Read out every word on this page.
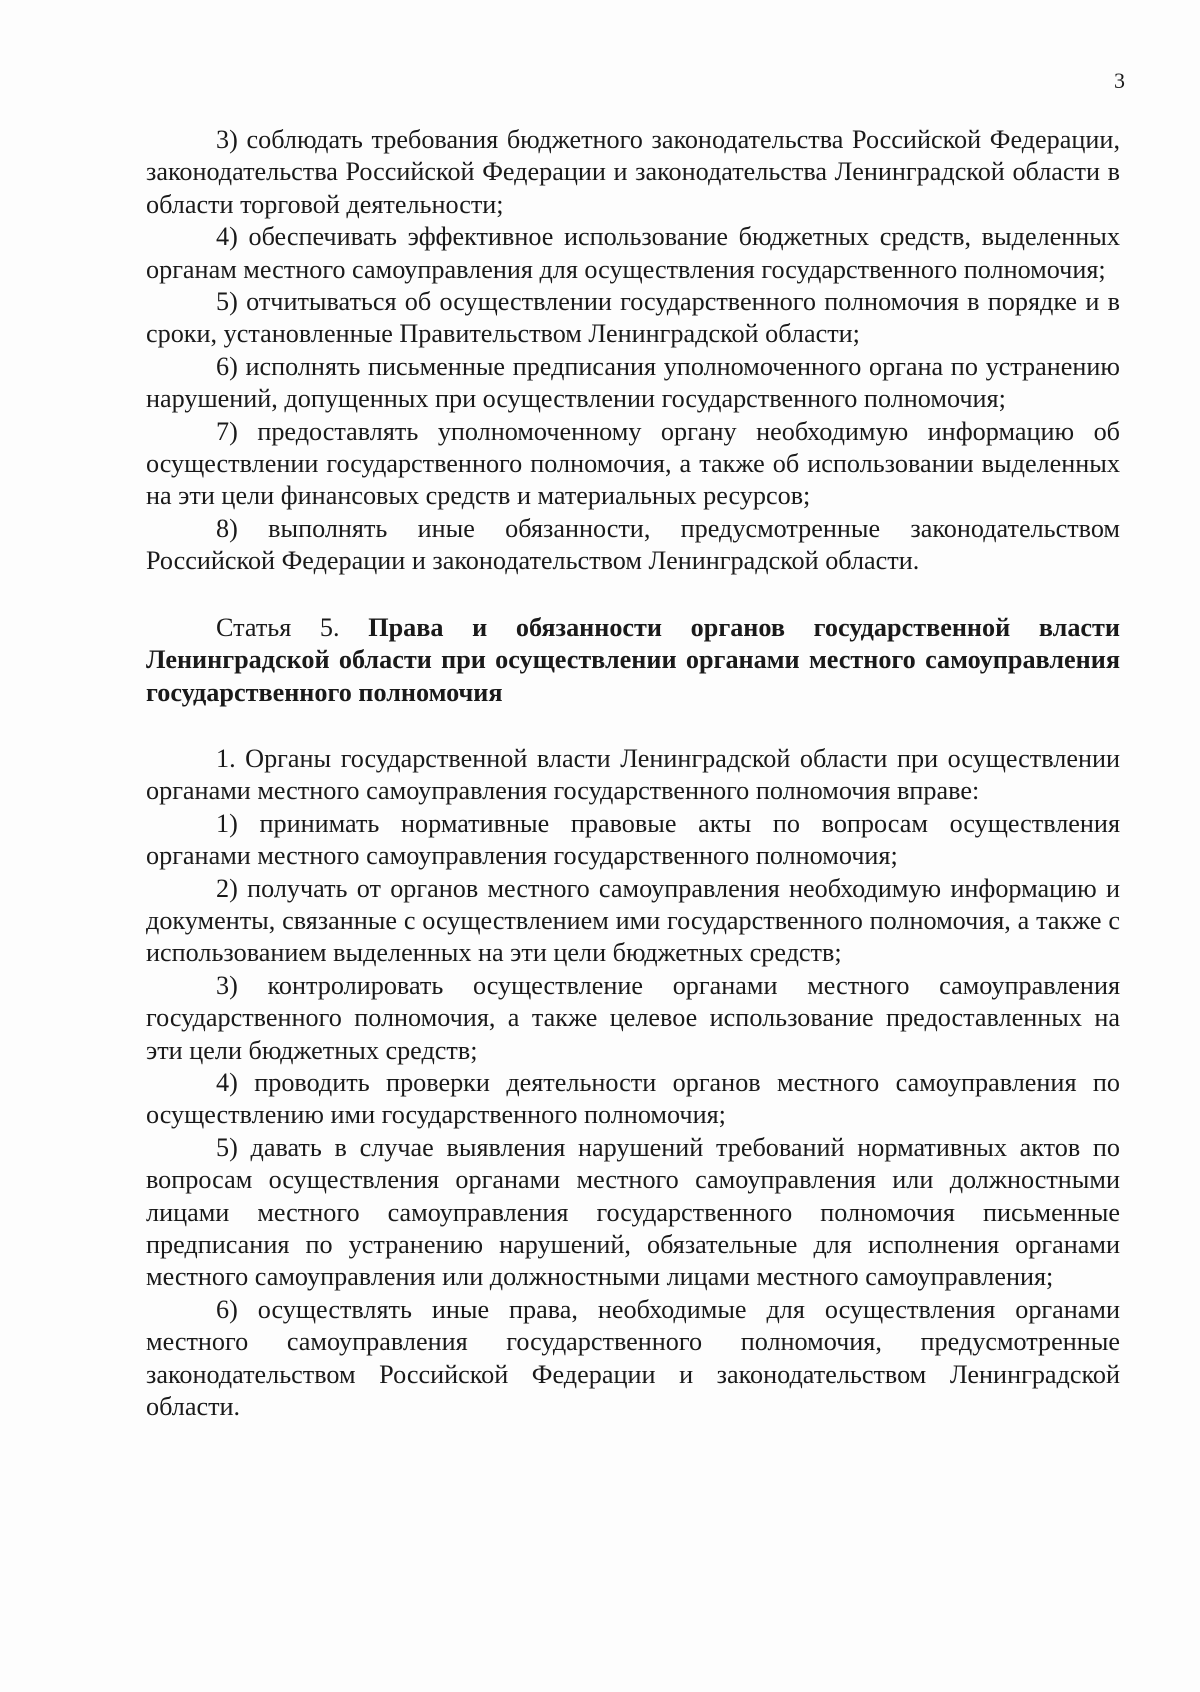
3

3) соблюдать требования бюджетного законодательства Российской Федерации, законодательства Российской Федерации и законодательства Ленинградской области в области торговой деятельности;

4) обеспечивать эффективное использование бюджетных средств, выделенных органам местного самоуправления для осуществления государственного полномочия;

5) отчитываться об осуществлении государственного полномочия в порядке и в сроки, установленные Правительством Ленинградской области;

6) исполнять письменные предписания уполномоченного органа по устранению нарушений, допущенных при осуществлении государственного полномочия;

7) предоставлять уполномоченному органу необходимую информацию об осуществлении государственного полномочия, а также об использовании выделенных на эти цели финансовых средств и материальных ресурсов;

8) выполнять иные обязанности, предусмотренные законодательством Российской Федерации и законодательством Ленинградской области.

Статья 5. Права и обязанности органов государственной власти Ленинградской области при осуществлении органами местного самоуправления государственного полномочия

1. Органы государственной власти Ленинградской области при осуществлении органами местного самоуправления государственного полномочия вправе:

1) принимать нормативные правовые акты по вопросам осуществления органами местного самоуправления государственного полномочия;

2) получать от органов местного самоуправления необходимую информацию и документы, связанные с осуществлением ими государственного полномочия, а также с использованием выделенных на эти цели бюджетных средств;

3) контролировать осуществление органами местного самоуправления государственного полномочия, а также целевое использование предоставленных на эти цели бюджетных средств;

4) проводить проверки деятельности органов местного самоуправления по осуществлению ими государственного полномочия;

5) давать в случае выявления нарушений требований нормативных актов по вопросам осуществления органами местного самоуправления или должностными лицами местного самоуправления государственного полномочия письменные предписания по устранению нарушений, обязательные для исполнения органами местного самоуправления или должностными лицами местного самоуправления;

6) осуществлять иные права, необходимые для осуществления органами местного самоуправления государственного полномочия, предусмотренные законодательством Российской Федерации и законодательством Ленинградской области.
